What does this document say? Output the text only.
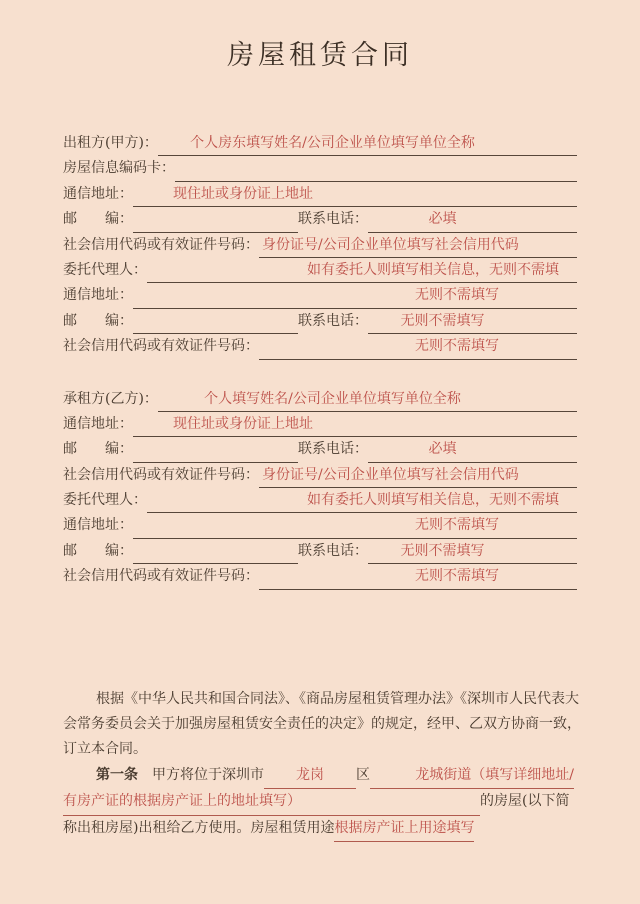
房屋租赁合同
出租方(甲方)：	个人房东填写姓名/公司企业单位填写单位全称
房屋信息编码卡：
通信地址：	现住址或身份证上地址
邮　　编：	联系电话：	必填
社会信用代码或有效证件号码： 身份证号/公司企业单位填写社会信用代码
委托代理人：	如有委托人则填写相关信息，无则不需填
通信地址：	无则不需填写
邮　　编：	联系电话：	无则不需填写
社会信用代码或有效证件号码：	无则不需填写
承租方(乙方)：	个人填写姓名/公司企业单位填写单位全称
通信地址：	现住址或身份证上地址
邮　　编：	联系电话：	必填
社会信用代码或有效证件号码： 身份证号/公司企业单位填写社会信用代码
委托代理人：	如有委托人则填写相关信息，无则不需填
通信地址：	无则不需填写
邮　　编：	联系电话：	无则不需填写
社会信用代码或有效证件号码：	无则不需填写
根据《中华人民共和国合同法》、《商品房屋租赁管理办法》《深圳市人民代表大
会常务委员会关于加强房屋租赁安全责任的决定》的规定，经甲、乙双方协商一致，
订立本合同。
第一条　甲方将位于深圳市 龙岗 区	龙城街道（填写详细地址/
有房产证的根据房产证上的地址填写）	的房屋(以下简
称出租房屋)出租给乙方使用。房屋租赁用途根据房产证上用途填写
